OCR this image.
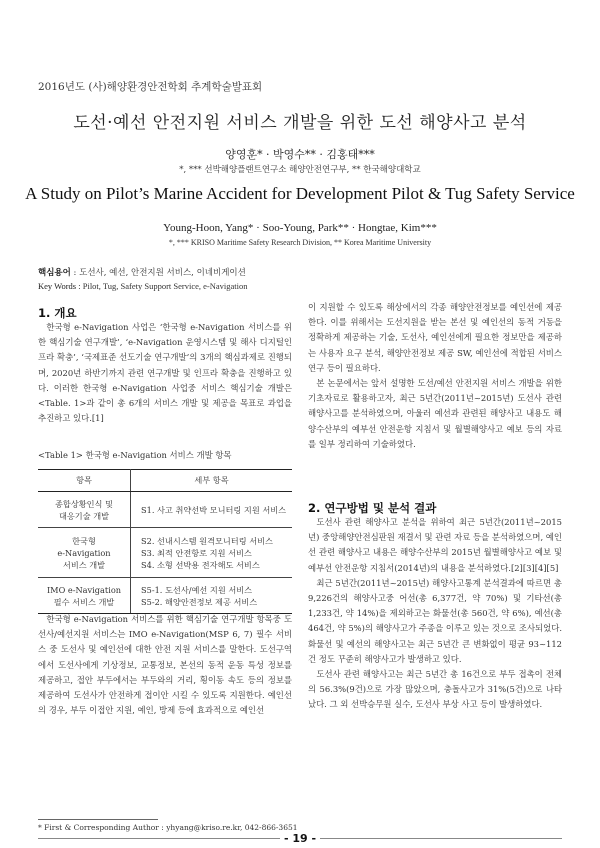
2016년도 (사)해양환경안전학회 추계학술발표회
도선·예선 안전지원 서비스 개발을 위한 도선 해양사고 분석
양영훈* · 박영수** · 김홍태***
*, *** 선박해양플랜트연구소 해양안전연구부, ** 한국해양대학교
A Study on Pilot’s Marine Accident for Development Pilot & Tug Safety Service
Young-Hoon, Yang* · Soo-Young, Park** · Hongtae, Kim***
*, *** KRISO Maritime Safety Research Division, ** Korea Maritime University
핵심용어 : 도선사, 예선, 안전지원 서비스, 이네비게이션
Key Words : Pilot, Tug, Safety Support Service, e-Navigation
1. 개요

한국형 e-Navigation 사업은 ‘한국형 e-Navigation 서비스를 위한 핵심기술 연구개발’, ‘e-Navigation 운영시스템 및 해사 디지털인프라 확충’, ‘국제표준 선도기술 연구개발’의 3개의 핵심과제로 진행되며, 2020년 하반기까지 관련 연구개발 및 인프라 확충을 진행하고 있다. 이러한 한국형 e-Navigation 사업중 서비스 핵심기술 개발은 <Table. 1>과 같이 총 6개의 서비스 개발 및 제공을 목표로 과업을 추진하고 있다.[1]

<Table 1> 한국형 e-Navigation 서비스 개발 항목
항목	세부 항목
종합상황인식 및
대응기술 개발	S1. 사고 취약선박 모니터링 지원 서비스
한국형
e-Navigation
서비스 개발	S2. 선내시스템 원격모니터링 서비스
S3. 최적 안전항로 지원 서비스
S4. 소형 선박용 전자해도 서비스
IMO e-Navigation
필수 서비스 개발	S5-1. 도선사/예선 지원 서비스
S5-2. 해양안전정보 제공 서비스

한국형 e-Navigation 서비스를 위한 핵심기술 연구개발 항목중 도선사/예선지원 서비스는 IMO e-Navigation(MSP 6, 7) 필수 서비스 중 도선사 및 예인선에 대한 안전 지원 서비스를 말한다. 도선구역에서 도선사에게 기상정보, 교통정보, 본선의 동적 운동 특성 정보를 제공하고, 접안 부두에서는 부두와의 거리, 횡이동 속도 등의 정보를 제공하여 도선사가 안전하게 접이안 시킬 수 있도록 지원한다. 예인선의 경우, 부두 이접안 지원, 예인, 방제 등에 효과적으로 예인선

이 지원할 수 있도록 해상에서의 각종 해양안전정보를 예인선에 제공한다. 이를 위해서는 도선지원을 받는 본선 및 예인선의 동적 거동을 정확하게 제공하는 기술, 도선사, 예인선에게 필요한 정보만을 제공하는 사용자 요구 분석, 해양안전정보 제공 SW, 예인선에 적합된 서비스 연구 등이 필요하다.

본 논문에서는 앞서 설명한 도선/예선 안전지원 서비스 개발을 위한 기초자료로 활용하고자, 최근 5년간(2011년~2015년) 도선사 관련 해양사고를 분석하였으며, 아울러 예선과 관련된 해양사고 내용도 해양수산부의 예부선 안전운항 지침서 및 월별해양사고 예보 등의 자료를 일부 정리하여 기술하였다.

2. 연구방법 및 분석 결과

도선사 관련 해양사고 분석을 위하여 최근 5년간(2011년~2015년) 중앙해양안전심판원 재결서 및 관련 자료 등을 분석하였으며, 예인선 관련 해양사고 내용은 해양수산부의 2015년 월별해양사고 예보 및 예부선 안전운항 지침서(2014년)의 내용을 분석하였다.[2][3][4][5]

최근 5년간(2011년~2015년) 해양사고통계 분석결과에 따르면 총 9,226건의 해양사고중 어선(총 6,377건, 약 70%) 및 기타선(총 1,233건, 약 14%)을 제외하고는 화물선(총 560건, 약 6%), 예선(총 464건, 약 5%)의 해양사고가 주종을 이루고 있는 것으로 조사되었다. 화물선 및 예선의 해양사고는 최근 5년간 큰 변화없이 평균 93~112건 정도 꾸준히 해양사고가 발생하고 있다.

도선사 관련 해양사고는 최근 5년간 총 16건으로 부두 접촉이 전체의 56.3%(9건)으로 가장 많았으며, 충돌사고가 31%(5건)으로 나타났다. 그 외 선박승무원 실수, 도선사 부상 사고 등이 발생하였다.

* First & Corresponding Author : yhyang@kriso.re.kr, 042-866-3651
- 19 -
